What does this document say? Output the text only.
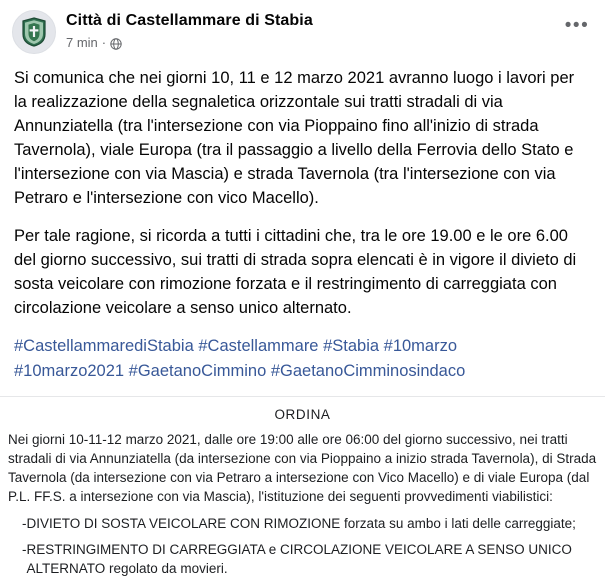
Città di Castellammare di Stabia
7 min ·
•••

Si comunica che nei giorni 10, 11 e 12 marzo 2021 avranno luogo i lavori per la realizzazione della segnaletica orizzontale sui tratti stradali di via Annunziatella (tra l'intersezione con via Pioppaino fino all'inizio di strada Tavernola), viale Europa (tra il passaggio a livello della Ferrovia dello Stato e l'intersezione con via Mascia) e strada Tavernola (tra l'intersezione con via Petraro e l'intersezione con vico Macello).

Per tale ragione, si ricorda a tutti i cittadini che, tra le ore 19.00 e le ore 6.00 del giorno successivo, sui tratti di strada sopra elencati è in vigore il divieto di sosta veicolare con rimozione forzata e il restringimento di carreggiata con circolazione veicolare a senso unico alternato.

#CastellammarediStabia #Castellammare #Stabia #10marzo
#10marzo2021 #GaetanoCimmino #GaetanoCimminosindaco
ORDINA
Nei giorni 10-11-12 marzo 2021, dalle ore 19:00 alle ore 06:00 del giorno successivo, nei tratti stradali di via Annunziatella (da intersezione con via Pioppaino a inizio strada Tavernola), di Strada Tavernola (da intersezione con via Petraro a intersezione con Vico Macello) e di viale Europa (dal P.L. FF.S. a intersezione con via Mascia), l'istituzione dei seguenti provvedimenti viabilistici:
- DIVIETO DI SOSTA VEICOLARE CON RIMOZIONE forzata su ambo i lati delle carreggiate;
- RESTRINGIMENTO DI CARREGGIATA e CIRCOLAZIONE VEICOLARE A SENSO UNICO ALTERNATO regolato da movieri.
